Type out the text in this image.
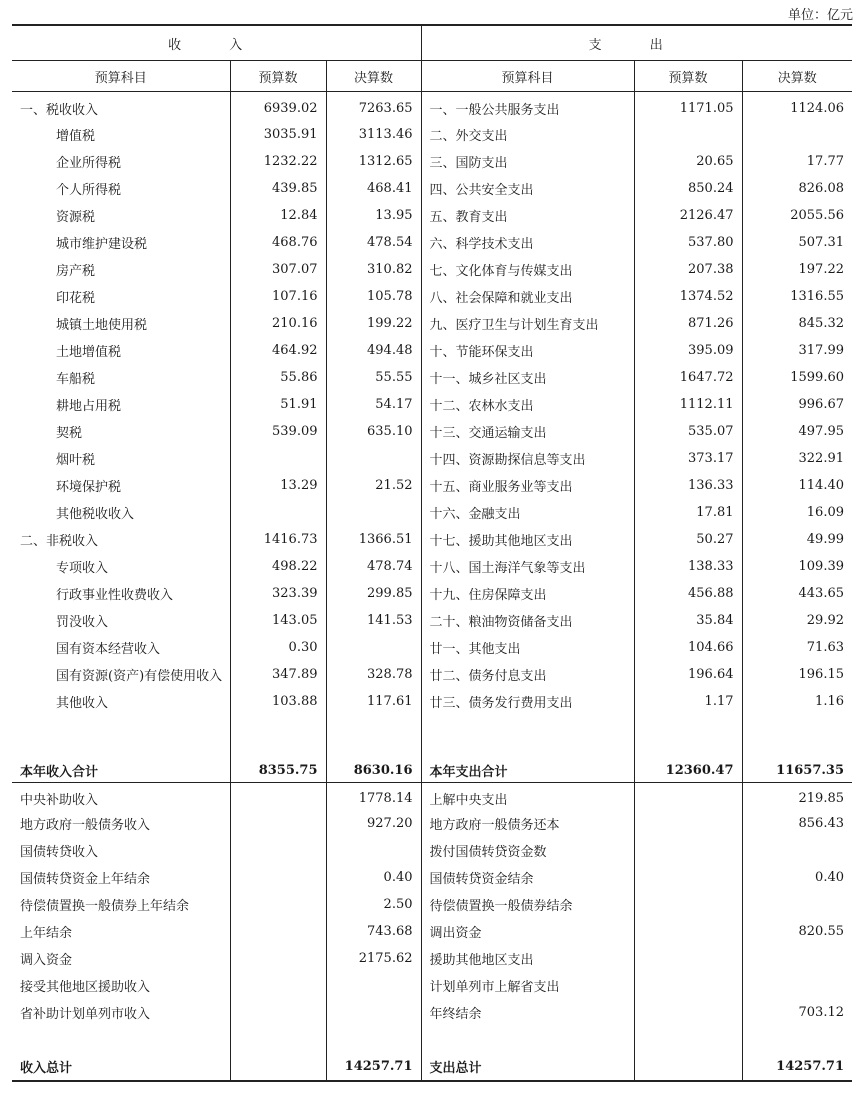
单位：亿元
收 入			支 出		
预算科目	预算数	决算数	预算科目	预算数	决算数
一、税收收入	6939.02	7263.65	一、一般公共服务支出	1171.05	1124.06
增值税	3035.91	3113.46	二、外交支出		
企业所得税	1232.22	1312.65	三、国防支出	20.65	17.77
个人所得税	439.85	468.41	四、公共安全支出	850.24	826.08
资源税	12.84	13.95	五、教育支出	2126.47	2055.56
城市维护建设税	468.76	478.54	六、科学技术支出	537.80	507.31
房产税	307.07	310.82	七、文化体育与传媒支出	207.38	197.22
印花税	107.16	105.78	八、社会保障和就业支出	1374.52	1316.55
城镇土地使用税	210.16	199.22	九、医疗卫生与计划生育支出	871.26	845.32
土地增值税	464.92	494.48	十、节能环保支出	395.09	317.99
车船税	55.86	55.55	十一、城乡社区支出	1647.72	1599.60
耕地占用税	51.91	54.17	十二、农林水支出	1112.11	996.67
契税	539.09	635.10	十三、交通运输支出	535.07	497.95
烟叶税			十四、资源勘探信息等支出	373.17	322.91
环境保护税	13.29	21.52	十五、商业服务业等支出	136.33	114.40
其他税收收入			十六、金融支出	17.81	16.09
二、非税收入	1416.73	1366.51	十七、援助其他地区支出	50.27	49.99
专项收入	498.22	478.74	十八、国土海洋气象等支出	138.33	109.39
行政事业性收费收入	323.39	299.85	十九、住房保障支出	456.88	443.65
罚没收入	143.05	141.53	二十、粮油物资储备支出	35.84	29.92
国有资本经营收入	0.30		廿一、其他支出	104.66	71.63
国有资源(资产)有偿使用收入	347.89	328.78	廿二、债务付息支出	196.64	196.15
其他收入	103.88	117.61	廿三、债务发行费用支出	1.17	1.16

本年收入合计	8355.75	8630.16	本年支出合计	12360.47	11657.35
中央补助收入		1778.14	上解中央支出		219.85
地方政府一般债务收入		927.20	地方政府一般债务还本		856.43
国债转贷收入			拨付国债转贷资金数		
国债转贷资金上年结余		0.40	国债转贷资金结余		0.40
待偿债置换一般债券上年结余		2.50	待偿债置换一般债券结余		
上年结余		743.68	调出资金		820.55
调入资金		2175.62	援助其他地区支出		
接受其他地区援助收入			计划单列市上解省支出		
省补助计划单列市收入			年终结余		703.12

收入总计		14257.71	支出总计		14257.71
